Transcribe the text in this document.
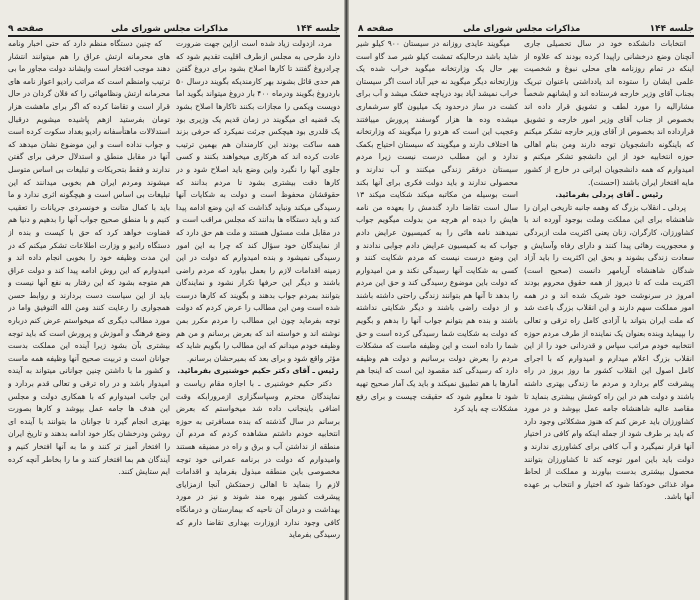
جلسه ۱۴۴
مذاکرات مجلس شورای ملی
صفحه ۹

مرد، ازدولت زیاد شده است ازاین جهت ضرورت دارد طرحی به مجلس ازطرف اقلیت تقدیم شود که چرادروغ گفتند تا کارها اصلاح بشود برای دروغ گفتن هم حدی قائل بشوند بهر کارمندیکه بگویند درسال ۵۰ باردروغ بگویند ودرماه ۴۰۰ بار دروغ میتواند بگوید اما دویست ویکمی را مجازات بکنند تاکارها اصلاح بشود یک قضیه ای میگویند در زمان قدیم یک وزیری بود یک قلدری بود هیچکس جرئت نمیکرد که حرفی بزند همه ساکت بودند این کارمندان هم بهمین ترتیب عادت کرده اند که هرکاری میخواهند بکنند و کسی جلوی آنها را نگیرد واین وضع باید اصلاح شود و در کارها دقت بیشتری بشود تا مردم بدانند که حقوقشان محفوظ است و دولت به شکایات آنها رسیدگی میکند ونباید گذاشت که این وضع ادامه پیدا کند و باید دستگاه ها بدانند که مجلس مراقب است و در مقابل ملت مسئول هستند و ملت هم حق دارد که از نمایندگان خود سؤال کند که چرا به این امور رسیدگی نمیشود و بنده امیدوارم که دولت در این زمینه اقدامات لازم را بعمل بیاورد که مردم راضی باشند و دیگر این حرفها تکرار نشود و نمایندگان بتوانند بمردم جواب بدهند و بگویند که کارها درست شده است ومن این مطالب را عرض کردم که دولت توجه بفرماید چون این مطالب را مردم مکرر بمن نوشته اند و خواسته اند که بعرض برسانم و من هم وظیفه خودم میدانم که این مطالب را بگویم شاید که مؤثر واقع شود و برای بعد که بمیرحشان برسانم.

رئیس ـ آقای دکتر حکیم خوشنیری بفرمائید.

دکتر حکیم خوشنیری ـ با اجازه مقام ریاست و نمایندگان محترم وسپاسگزاری ازمرورابکه وقت اضافی باینجانب داده شد میخواستم که بعرض برسانم در سال گذشته که بنده مسافرتی به حوزه انتخابیه خودم داشتم مشاهده کردم که مردم آن منطقه از نداشتن آب و برق و راه در مضیقه هستند وامیدوارم که دولت در برنامه عمرانی خود توجه مخصوصی باین منطقه مبذول بفرماید و اقدامات لازم را بنماید تا اهالی زحمتکش آنجا ازمزایای پیشرفت کشور بهره مند شوند و نیز در مورد بهداشت و درمان آن ناحیه که بیمارستان و درمانگاه کافی وجود ندارد ازوزارت بهداری تقاضا دارم که رسیدگی بفرماید

که چنین دستگاه منظم دارد که حتی اخبار ونامه های محرمانه ارتش عراق را هم میتوانند انتشار دهند موجب افتخار است وایشاند دولت مجاور ما بی ترتیب وامنظم است که مراتب رادیو اعواز نامه های محرمانه ارتش ونظامهائی را که فلان گردان در حال قرار است و تقاضا کرده که اگر برای ماهشت هزار تومان بفرستید ازهم پاشیده میشویم درقبال استدلالات ماهتأسفانه رادیو بغداد سکوت کرده است و جواب نداده است و این موضوع نشان میدهد که آنها در مقابل منطق و استدلال حرفی برای گفتن ندارند و فقط بتحریکات و تبلیغات بی اساس متوسل میشوند ومردم ایران هم بخوبی میدانند که این تبلیغات بی اساس است و هیچگونه اثری ندارد و ما باید با کمال متانت و خونسردی جریانات را تعقیب کنیم و با منطق صحیح جواب آنها را بدهیم و دنیا هم قضاوت خواهد کرد که حق با کیست و بنده از دستگاه رادیو و وزارت اطلاعات تشکر میکنم که در این مدت وظیفه خود را بخوبی انجام داده اند و امیدوارم که این روش ادامه پیدا کند و دولت عراق هم متوجه بشود که این رفتار به نفع آنها نیست و باید از این سیاست دست بردارند و روابط حسن همجواری را رعایت کنند ومن الله التوفیق واما در مورد مطالب دیگری که میخواستم عرض کنم درباره وضع فرهنگ و آموزش و پرورش است که باید توجه بیشتری بآن بشود زیرا آینده این مملکت بدست جوانان است و تربیت صحیح آنها وظیفه همه ماست و کشور ما با داشتن چنین جوانانی میتواند به آینده امیدوار باشد و در راه ترقی و تعالی قدم بردارد و این جانب امیدوارم که با همکاری دولت و مجلس این هدف ها جامه عمل بپوشد و کارها بصورت بهتری انجام گیرد تا جوانان ما بتوانند با آینده ای روشن ودرخشان بکار خود ادامه بدهند و تاریخ ایران را افتخار آمیز تر کنند و ما به آنها افتخار کنیم و آیندگان هم بما افتخار کنند و ما را بخاطر آنچه کرده ایم ستایش کنند.

جلسه ۱۴۴
مذاکرات مجلس شورای ملی
صفحه ۸

انتخابات دانشکده خود در سال تحصیلی جاری آنچنان وضع درخشانی راپیدا کرده بودند که علاوه از اینکه در تمام روزنامه های محلی نبوغ و شخصیت علمی ایشان را ستوده اند یادداشتی باعنوان تبریک بجناب آقای وزیر خارجه فرستاده اند و ایشانهم شخصاً مشارالیه را مورد لطف و تشویق قرار داده اند بخصوص از جناب آقای وزیر امور خارجه و تشویق قرارداده اند بخصوص از آقای وزیر خارجه تشکر میکنم که باینگونه دانشجویان توجه دارند ومن بنام اهالی حوزه انتخابیه خود از این دانشجو تشکر میکنم و امیدوارم که همه دانشجویان ایرانی در خارج از کشور مایه افتخار ایران باشند (احسنت).

رئیس ـ آقای پردلی بفرمائید.

پردلی ـ انقلاب بزرگ که وهمه جانبه تاریخی ایران را شاهنشاه برای این مملکت وملت بوجود آورده اند با کشاورزان، کارگران، زنان یعنی اکثریت ملت ازبردگی و محجوریت رهائی پیدا کنند و دارای رفاه وآسایش و سعادت زندگی بشوند و بحق این اکثریت را باید آزاد شدگان شاهنشاه آریامهر دانست (صحیح است) اکثریت ملت که تا دیروز از همه حقوق محروم بودند امروز در سرنوشت خود شریک شده اند و در همه امور مملکت سهم دارند و این انقلاب بزرگ باعث شد که ملت ایران بتواند با آزادی کامل راه ترقی و تعالی را بپیماید وبنده بعنوان یک نماینده از طرف مردم حوزه انتخابیه خودم مراتب سپاس و قدردانی خود را از این انقلاب بزرگ اعلام میدارم و امیدوارم که با اجرای کامل اصول این انقلاب کشور ما روز بروز در راه پیشرفت گام بردارد و مردم ما زندگی بهتری داشته باشند و دولت هم در این راه کوشش بیشتری بنماید تا مقاصد عالیه شاهنشاه جامه عمل بپوشد و در مورد کشاورزان باید عرض کنم که هنوز مشکلاتی وجود دارد که باید بر طرف شود از جمله اینکه وام کافی در اختیار آنها قرار نمیگیرد و آب کافی برای کشاورزی ندارند و دولت باید باین امور توجه کند تا کشاورزان بتوانند محصول بیشتری بدست بیاورند و مملکت از لحاظ مواد غذائی خودکفا شود که اختیار و انتخاب بر عهده آنها باشد.

میگویند عایدی روزانه در سیستان ۹۰۰ کیلو شیر شاید باشد درحالیکه تمشت کیلو شیر صد گاو است بهر حال یک وزارتخانه میگوید خراب شده یک وزارتخانه دیگر میگوید نه خیر آباد است اگر سیستان خراب نمیشد آباد بود دریاچه خشک میشد و آب برای کشت در ساز درحدود یک میلیون گاو سرشماری میشده وده ها هزار گوسفند پرورش مییافتند وعجیب این است که هردو را میگویند که وزارتخانه ها اختلاف دارند و میگویند که سیستان احتیاج بکمک ندارد و این مطلب درست نیست زیرا مردم سیستان درفقر زندگی میکنند و آب ندارند و محصولی ندارند و باید دولت فکری برای آنها بکند است بوسیله من مکاتبه میکند شکایت میکند ۱۳ سال است تقاضا دارد گندمش را بعهده من نامه هایش را دیده ام هرچه من بدولت میگویم جواب نمیدهند نامه هائی را به کمیسیون عرایض دادم جواب که به کمیسیون عرایض دادم جوابی ندادند و این وضع درست نیست که مردم شکایت کنند و کسی به شکایت آنها رسیدگی نکند و من امیدوارم که دولت باین موضوع رسیدگی کند و حق این مردم را بدهد تا آنها هم بتوانند زندگی راحتی داشته باشند و از دولت راضی باشند و دیگر شکایتی نداشته باشند و بنده هم بتوانم جواب آنها را بدهم و بگویم که دولت به شکایت شما رسیدگی کرده است و حق شما را داده است و این وظیفه ماست که مشکلات مردم را بعرض دولت برسانیم و دولت هم وظیفه دارد که رسیدگی کند مقصود این است که اینجا هم آمارها با هم تطبیق نمیکند و باید یک آمار صحیح تهیه شود تا معلوم شود که حقیقت چیست و برای رفع مشکلات چه باید کرد
